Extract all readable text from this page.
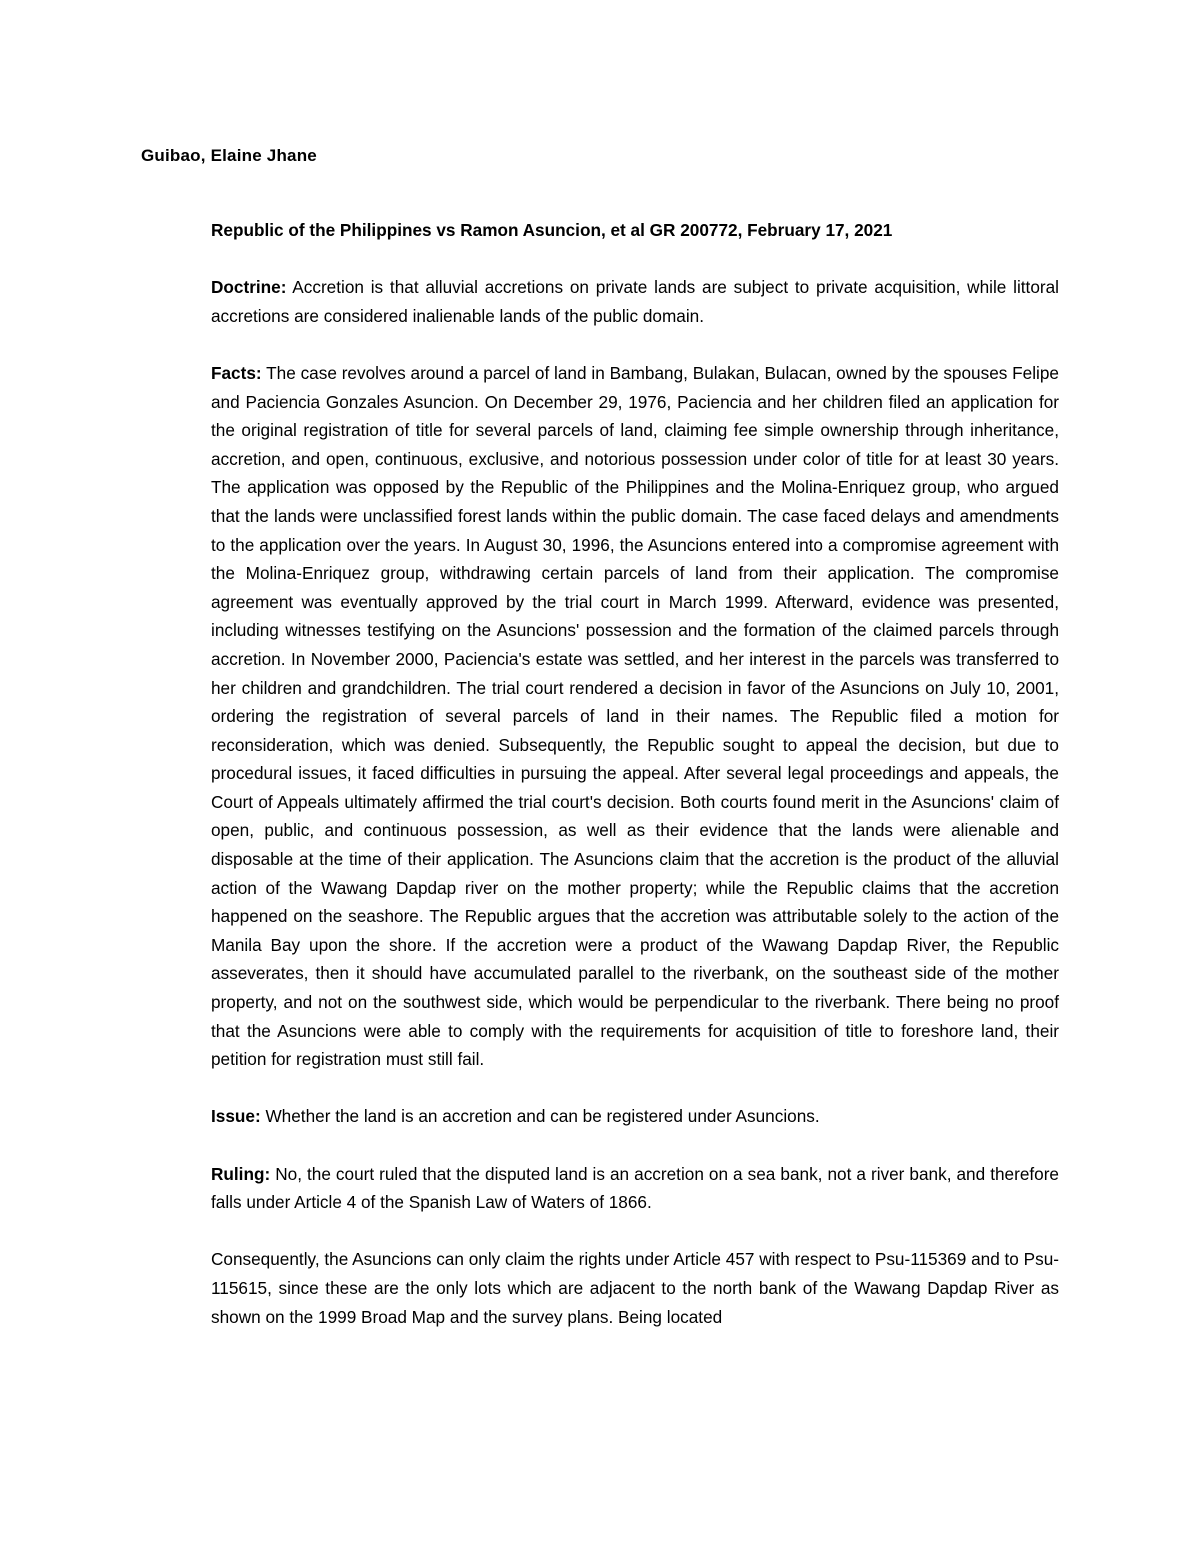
Guibao, Elaine Jhane

Republic of the Philippines vs Ramon Asuncion, et al GR 200772, February 17, 2021

Doctrine: Accretion is that alluvial accretions on private lands are subject to private acquisition, while littoral accretions are considered inalienable lands of the public domain.

Facts: The case revolves around a parcel of land in Bambang, Bulakan, Bulacan, owned by the spouses Felipe and Paciencia Gonzales Asuncion. On December 29, 1976, Paciencia and her children filed an application for the original registration of title for several parcels of land, claiming fee simple ownership through inheritance, accretion, and open, continuous, exclusive, and notorious possession under color of title for at least 30 years. The application was opposed by the Republic of the Philippines and the Molina-Enriquez group, who argued that the lands were unclassified forest lands within the public domain. The case faced delays and amendments to the application over the years. In August 30, 1996, the Asuncions entered into a compromise agreement with the Molina-Enriquez group, withdrawing certain parcels of land from their application. The compromise agreement was eventually approved by the trial court in March 1999. Afterward, evidence was presented, including witnesses testifying on the Asuncions' possession and the formation of the claimed parcels through accretion. In November 2000, Paciencia's estate was settled, and her interest in the parcels was transferred to her children and grandchildren. The trial court rendered a decision in favor of the Asuncions on July 10, 2001, ordering the registration of several parcels of land in their names. The Republic filed a motion for reconsideration, which was denied. Subsequently, the Republic sought to appeal the decision, but due to procedural issues, it faced difficulties in pursuing the appeal. After several legal proceedings and appeals, the Court of Appeals ultimately affirmed the trial court's decision. Both courts found merit in the Asuncions' claim of open, public, and continuous possession, as well as their evidence that the lands were alienable and disposable at the time of their application. The Asuncions claim that the accretion is the product of the alluvial action of the Wawang Dapdap river on the mother property; while the Republic claims that the accretion happened on the seashore. The Republic argues that the accretion was attributable solely to the action of the Manila Bay upon the shore. If the accretion were a product of the Wawang Dapdap River, the Republic asseverates, then it should have accumulated parallel to the riverbank, on the southeast side of the mother property, and not on the southwest side, which would be perpendicular to the riverbank. There being no proof that the Asuncions were able to comply with the requirements for acquisition of title to foreshore land, their petition for registration must still fail.

Issue: Whether the land is an accretion and can be registered under Asuncions.

Ruling: No, the court ruled that the disputed land is an accretion on a sea bank, not a river bank, and therefore falls under Article 4 of the Spanish Law of Waters of 1866.

Consequently, the Asuncions can only claim the rights under Article 457 with respect to Psu-115369 and to Psu-115615, since these are the only lots which are adjacent to the north bank of the Wawang Dapdap River as shown on the 1999 Broad Map and the survey plans. Being located
